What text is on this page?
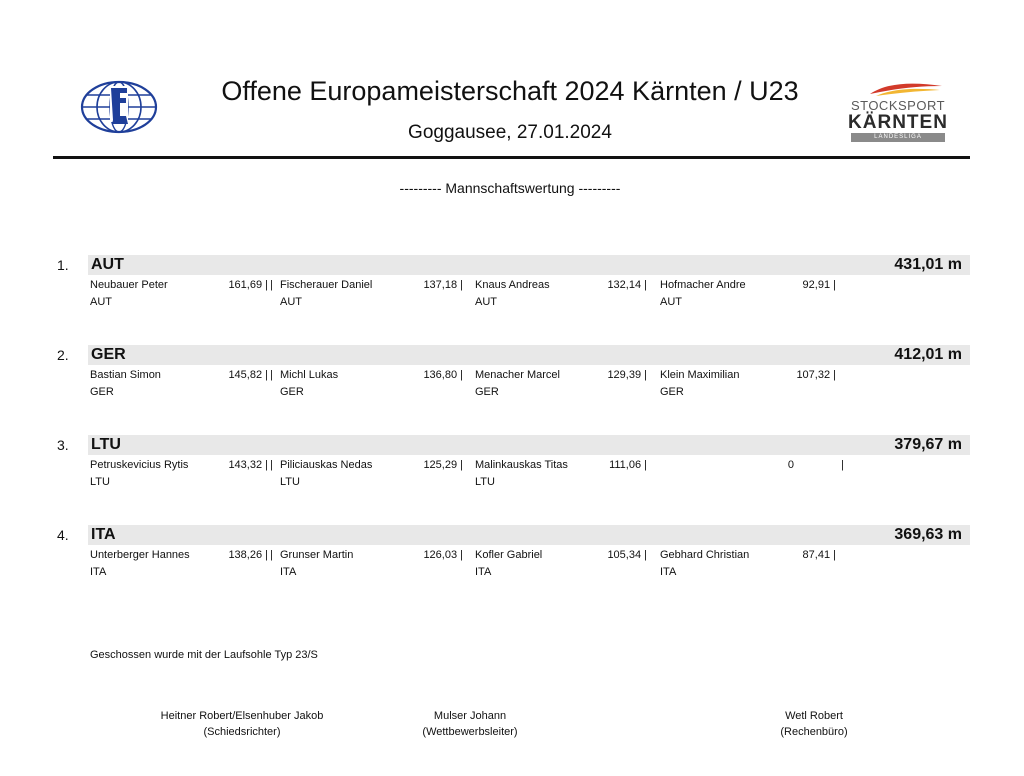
STOCKSPORT
KÄRNTEN
LANDESLIGA
Offene Europameisterschaft 2024 Kärnten / U23
Goggausee, 27.01.2024
--------- Mannschaftswertung ---------
1. AUT	431,01 m
Neubauer Peter	161,69 | |
AUT
Fischerauer Daniel	137,18 |
AUT
Knaus Andreas	132,14 |
AUT
Hofmacher Andre	92,91 |
AUT
2. GER	412,01 m
Bastian Simon	145,82 | |
GER
Michl Lukas	136,80 |
GER
Menacher Marcel	129,39 |
GER
Klein Maximilian	107,32 |
GER
3. LTU	379,67 m
Petruskevicius Rytis	143,32 | |
LTU
Piliciauskas Nedas	125,29 |
LTU
Malinkauskas Titas	111,06 |
LTU
0	|
4. ITA	369,63 m
Unterberger Hannes	138,26 | |
ITA
Grunser Martin	126,03 |
ITA
Kofler Gabriel	105,34 |
ITA
Gebhard Christian	87,41 |
ITA
Geschossen wurde mit der Laufsohle Typ 23/S
Heitner Robert/Elsenhuber Jakob
(Schiedsrichter)
Mulser Johann
(Wettbewerbsleiter)
Wetl Robert
(Rechenbüro)
